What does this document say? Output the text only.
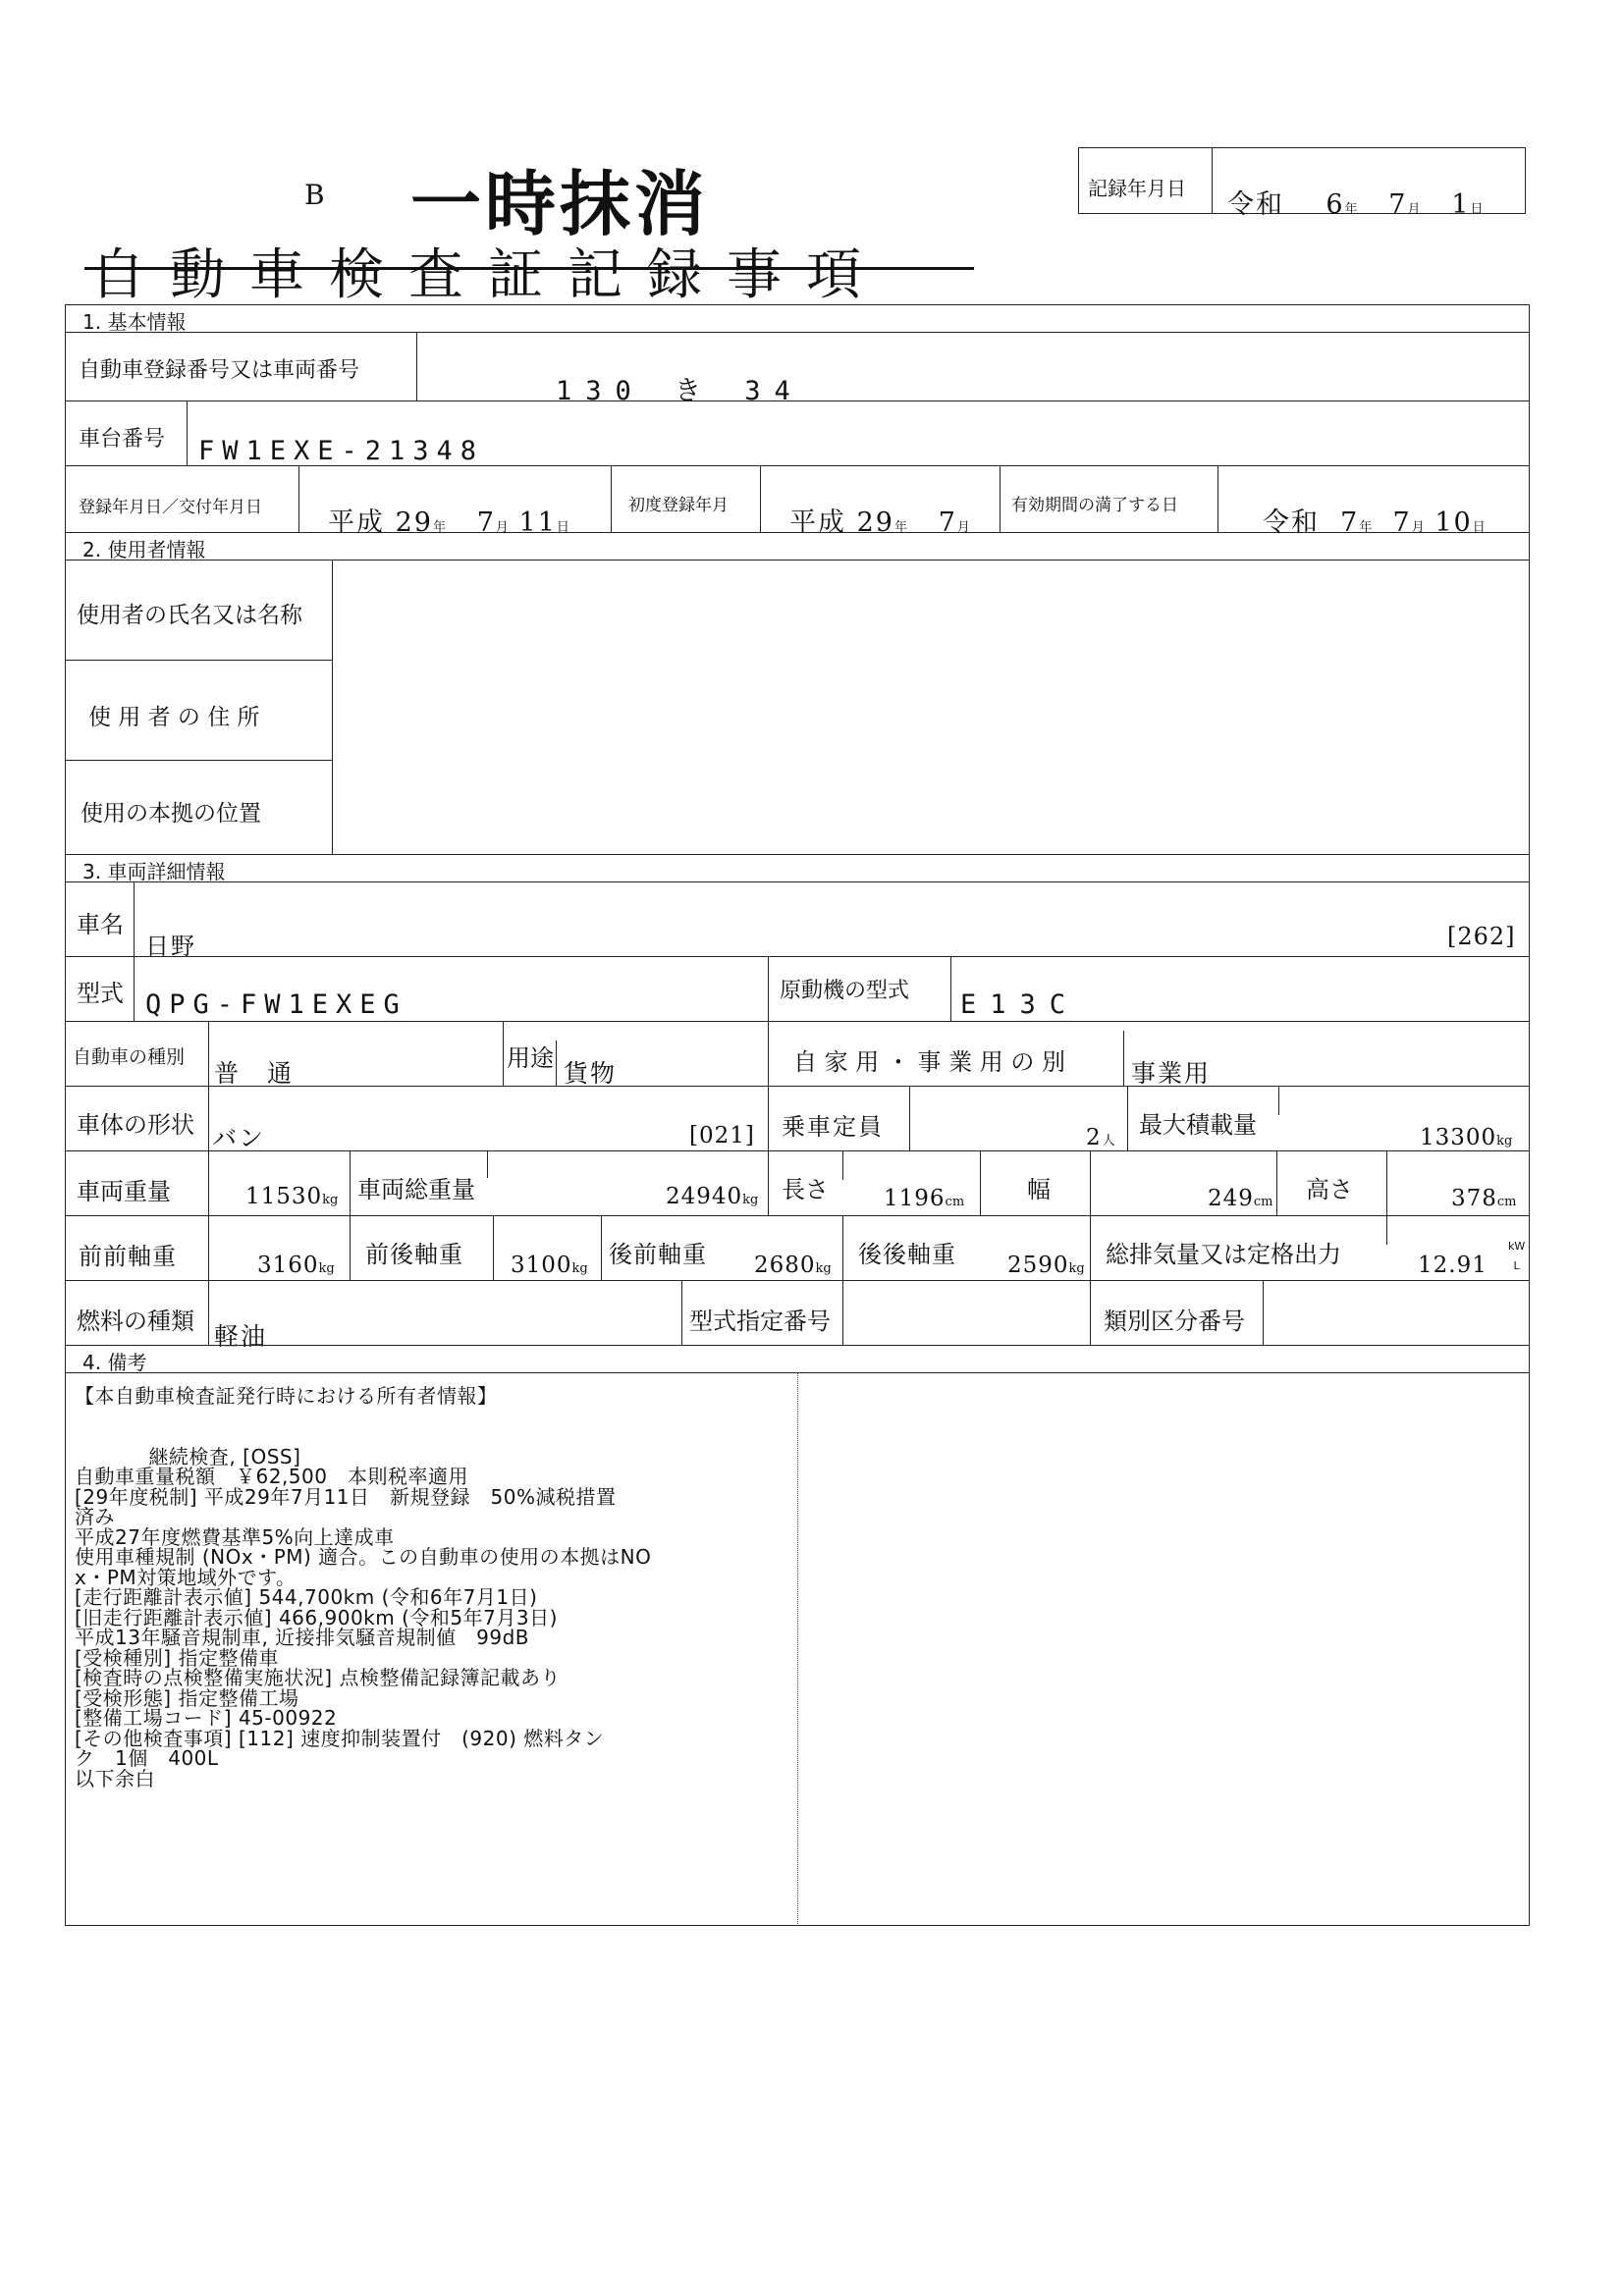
B 一時抹消
自動車検査証記録事項
記録年月日
令和 6年 7月 1日
1. 基本情報
自動車登録番号又は車両番号
130 き 34
車台番号 FW1EXE-21348
登録年月日／交付年月日 平成 29年 7月 11日
初度登録年月
平成 29年 7月
有効期間の満了する日
令和 7年 7月 10日
2. 使用者情報
使用者の氏名又は名称
使 用 者 の 住 所
使用の本拠の位置
3. 車両詳細情報
車名
日野	[262]
型式 QPG-FW1EXEG	原動機の型式 E13C
自動車の種別
普　通
用途
貨物	自 家 用 ・ 事 業 用 の 別	事業用
車体の形状 バン	[021] 乗車定員	2人
最大積載量	13300kg
車両重量	11530kg 車両総重量	24940kg 長さ 1196cm	幅	249cm 高さ	378cm
前前軸重	3160kg
前後軸重 3100kg
後前軸重 2680kg
後後軸重 2590kg
総排気量又は定格出力	12.91
kW
L
燃料の種類
軽油
型式指定番号	類別区分番号
4. 備考
【本自動車検査証発行時における所有者情報】

継続検査, [OSS]
自動車重量税額　￥62,500　本則税率適用
[29年度税制] 平成29年7月11日　新規登録　50%減税措置
済み
平成27年度燃費基準5%向上達成車
使用車種規制 (NOx・PM) 適合。この自動車の使用の本拠はNO
x・PM対策地域外です。
[走行距離計表示値] 544,700km (令和6年7月1日)
[旧走行距離計表示値] 466,900km (令和5年7月3日)
平成13年騒音規制車, 近接排気騒音規制値　99dB
[受検種別] 指定整備車
[検査時の点検整備実施状況] 点検整備記録簿記載あり
[受検形態] 指定整備工場
[整備工場コード] 45-00922
[その他検査事項] [112] 速度抑制装置付　(920) 燃料タン
ク　1個　400L
以下余白
